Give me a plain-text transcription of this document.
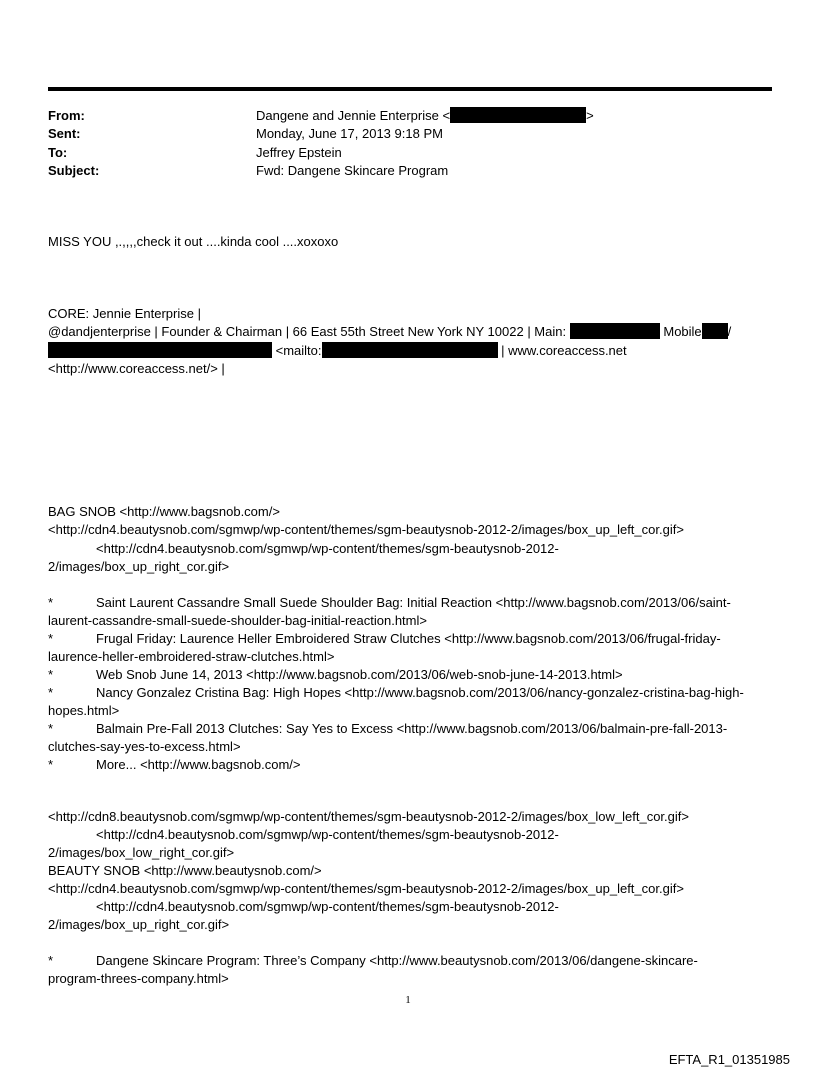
From:	Dangene and Jennie Enterprise <	>
Sent:	Monday, June 17, 2013 9:18 PM
To:	Jeffrey Epstein
Subject:	Fwd: Dangene Skincare Program
MISS YOU ,.,,,,check it out ....kinda cool ....xoxoxo
CORE: Jennie Enterprise |
@dandjenterprise | Founder & Chairman | 66 East 55th Street New York NY 10022 | Main:	Mobile /
<mailto:	| www.coreaccess.net
<http://www.coreaccess.net/> |
BAG SNOB <http://www.bagsnob.com/>
<http://cdn4.beautysnob.com/sgmwp/wp-content/themes/sgm-beautysnob-2012-2/images/box_up_left_cor.gif>
<http://cdn4.beautysnob.com/sgmwp/wp-content/themes/sgm-beautysnob-2012-
2/images/box_up_right_cor.gif>
*	Saint Laurent Cassandre Small Suede Shoulder Bag: Initial Reaction <http://www.bagsnob.com/2013/06/saint-
laurent-cassandre-small-suede-shoulder-bag-initial-reaction.html>
*	Frugal Friday: Laurence Heller Embroidered Straw Clutches <http://www.bagsnob.com/2013/06/frugal-friday-
laurence-heller-embroidered-straw-clutches.html>
*	Web Snob June 14, 2013 <http://www.bagsnob.com/2013/06/web-snob-june-14-2013.html>
*	Nancy Gonzalez Cristina Bag: High Hopes <http://www.bagsnob.com/2013/06/nancy-gonzalez-cristina-bag-high-
hopes.html>
*	Balmain Pre-Fall 2013 Clutches: Say Yes to Excess <http://www.bagsnob.com/2013/06/balmain-pre-fall-2013-
clutches-say-yes-to-excess.html>
*	More... <http://www.bagsnob.com/>
<http://cdn8.beautysnob.com/sgmwp/wp-content/themes/sgm-beautysnob-2012-2/images/box_low_left_cor.gif>
<http://cdn4.beautysnob.com/sgmwp/wp-content/themes/sgm-beautysnob-2012-
2/images/box_low_right_cor.gif>
BEAUTY SNOB <http://www.beautysnob.com/>
<http://cdn4.beautysnob.com/sgmwp/wp-content/themes/sgm-beautysnob-2012-2/images/box_up_left_cor.gif>
<http://cdn4.beautysnob.com/sgmwp/wp-content/themes/sgm-beautysnob-2012-
2/images/box_up_right_cor.gif>
*	Dangene Skincare Program: Three’s Company <http://www.beautysnob.com/2013/06/dangene-skincare-
program-threes-company.html>
1
EFTA_R1_01351985
